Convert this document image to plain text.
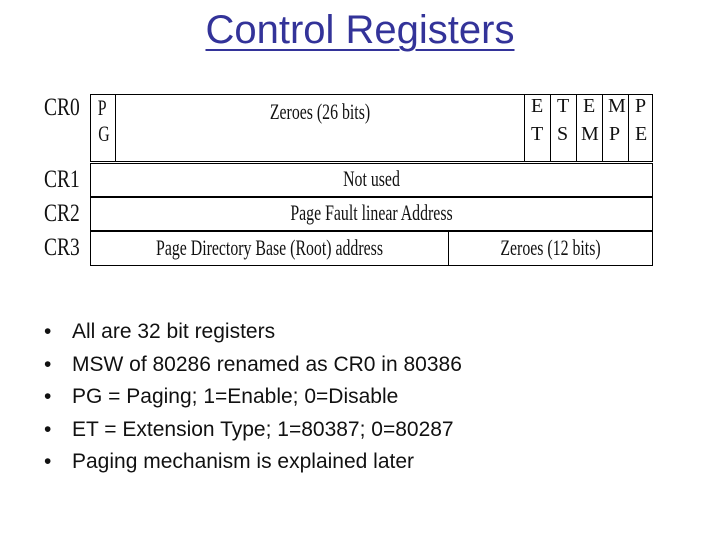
Control Registers
CR0
CR1
CR2
CR3
P
G
Zeroes (26 bits)	E T E M P
T S M P E
Not used
Page Fault linear Address
Page Directory Base (Root) address	Zeroes (12 bits)
• All are 32 bit registers
• MSW of 80286 renamed as CR0 in 80386
• PG = Paging; 1=Enable; 0=Disable
• ET = Extension Type; 1=80387; 0=80287
• Paging mechanism is explained later
